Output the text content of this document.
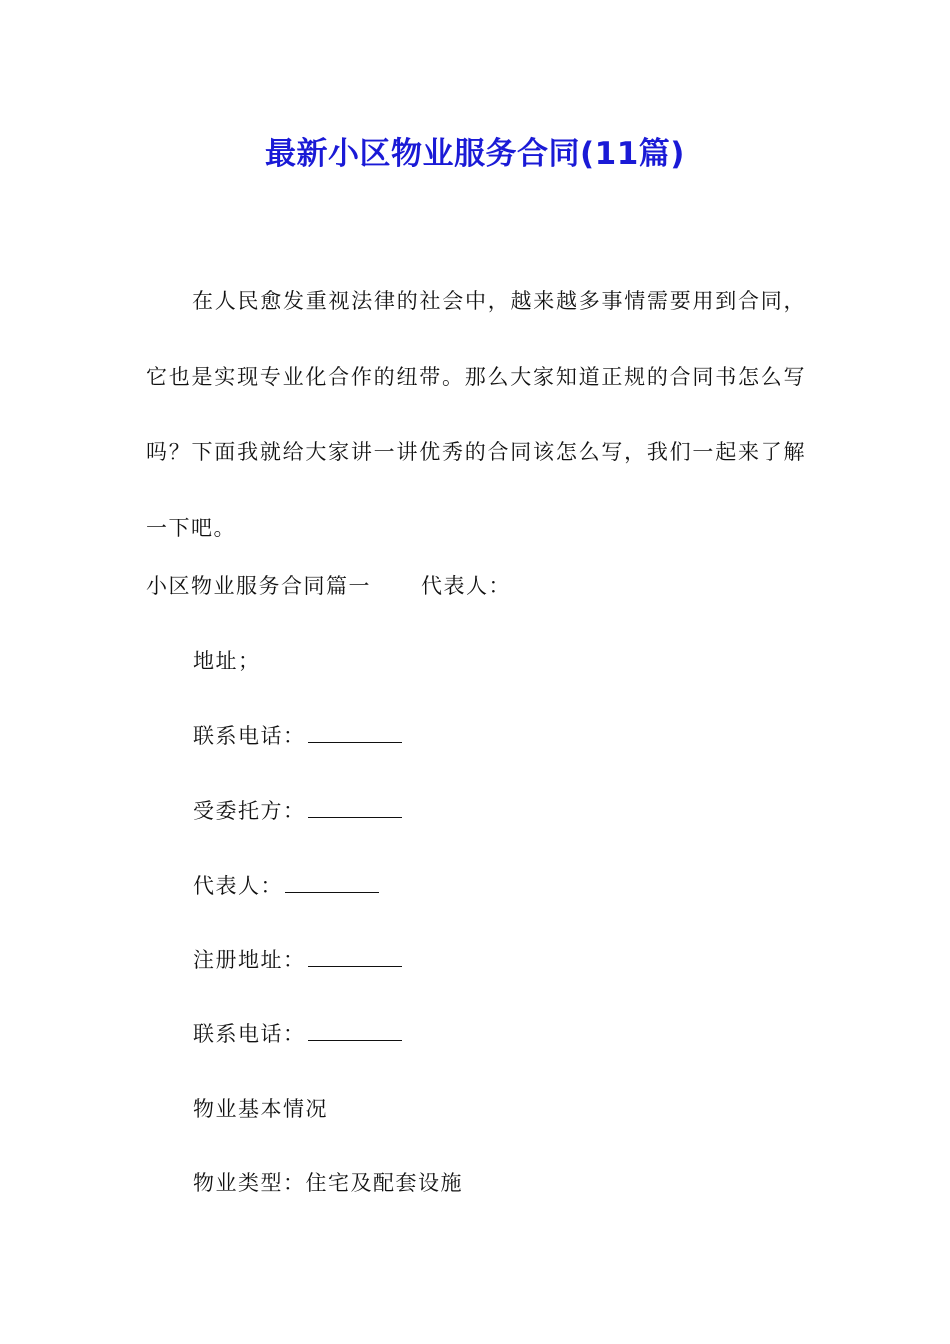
最新小区物业服务合同(11篇)

在人民愈发重视法律的社会中，越来越多事情需要用到合同，它也是实现专业化合作的纽带。那么大家知道正规的合同书怎么写吗？下面我就给大家讲一讲优秀的合同该怎么写，我们一起来了解一下吧。

小区物业服务合同篇一 代表人：
地址；
联系电话：
受委托方：
代表人：
注册地址：
联系电话：
物业基本情况
物业类型：住宅及配套设施
